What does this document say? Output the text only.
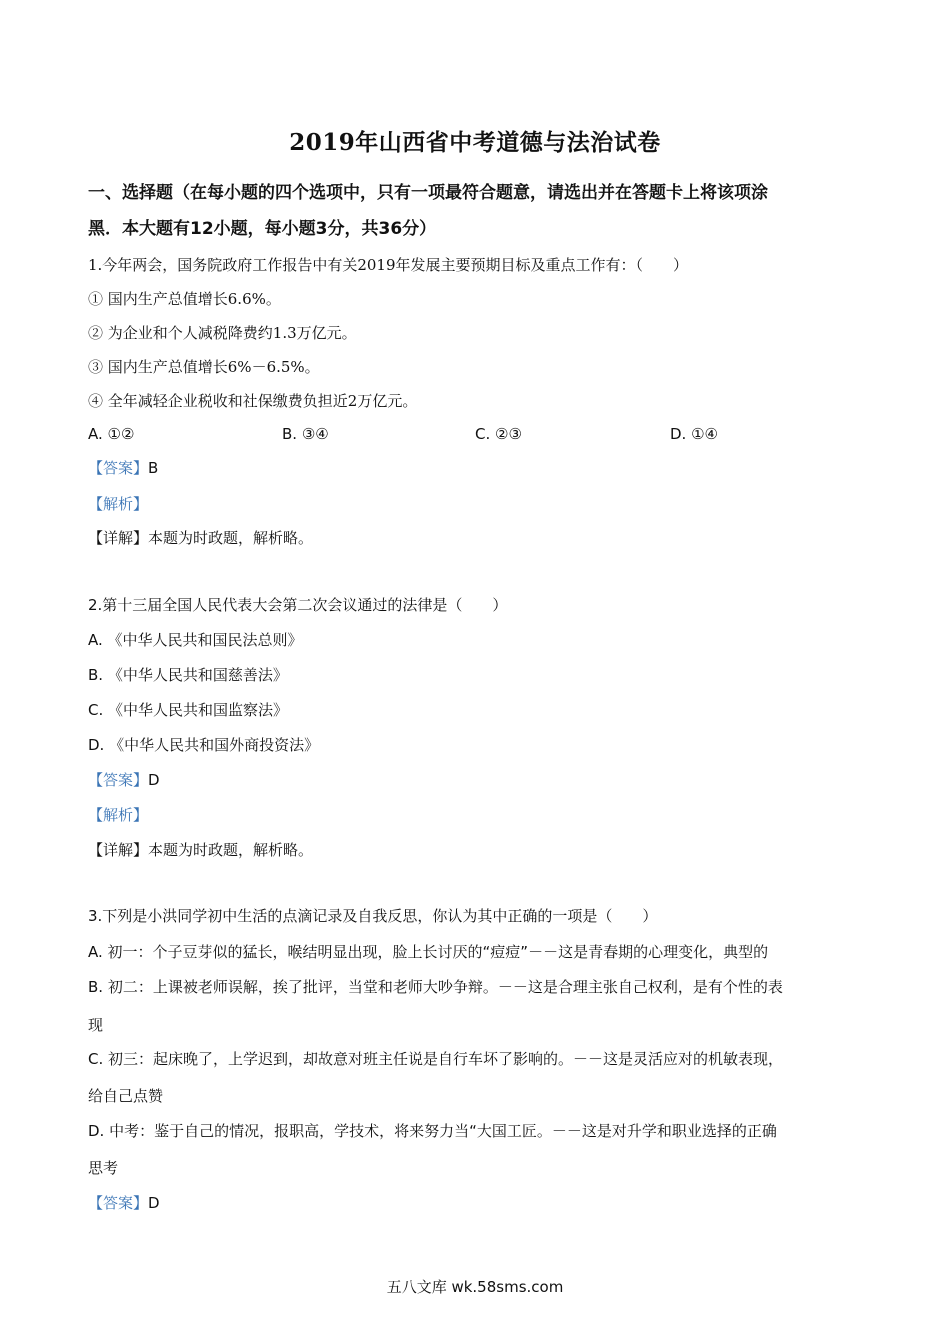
2019年山西省中考道德与法治试卷
一、选择题（在每小题的四个选项中，只有一项最符合题意，请选出并在答题卡上将该项涂
黑．本大题有12小题，每小题3分，共36分）
1.今年两会，国务院政府工作报告中有关2019年发展主要预期目标及重点工作有：（　　）
① 国内生产总值增长6.6%。
② 为企业和个人减税降费约1.3万亿元。
③ 国内生产总值增长6%－6.5%。
④ 全年减轻企业税收和社保缴费负担近2万亿元。
A. ①②	B. ③④	C. ②③	D. ①④
【答案】B
【解析】
【详解】本题为时政题，解析略。
2.第十三届全国人民代表大会第二次会议通过的法律是（　　）
A. 《中华人民共和国民法总则》
B. 《中华人民共和国慈善法》
C. 《中华人民共和国监察法》
D. 《中华人民共和国外商投资法》
【答案】D
【解析】
【详解】本题为时政题，解析略。
3.下列是小洪同学初中生活的点滴记录及自我反思，你认为其中正确的一项是（　　）
A. 初一：个子豆芽似的猛长，喉结明显出现，脸上长讨厌的“痘痘”－－这是青春期的心理变化，典型的
B. 初二：上课被老师误解，挨了批评，当堂和老师大吵争辩。－－这是合理主张自己权利，是有个性的表
现
C. 初三：起床晚了，上学迟到，却故意对班主任说是自行车坏了影响的。－－这是灵活应对的机敏表现，
给自己点赞
D. 中考：鉴于自己的情况，报职高，学技术，将来努力当“大国工匠。－－这是对升学和职业选择的正确
思考
【答案】D
五八文库 wk.58sms.com
